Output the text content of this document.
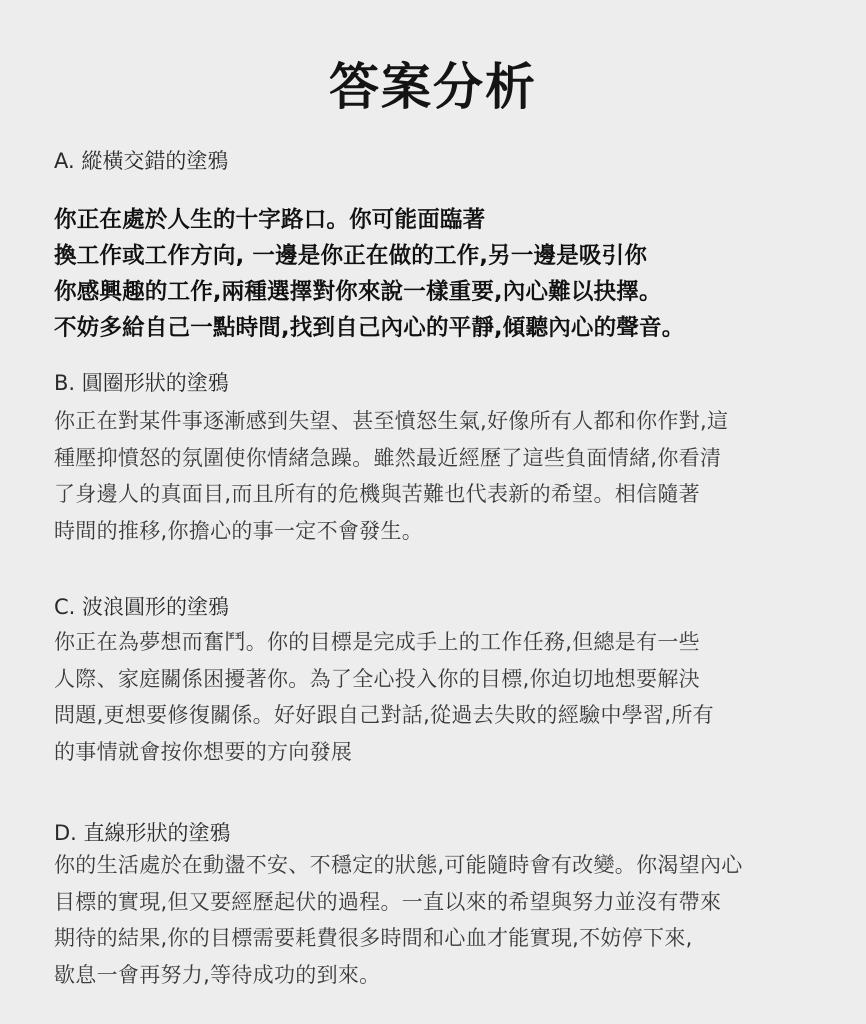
答案分析
A. 縱橫交錯的塗鴉
你正在處於人生的十字路口。你可能面臨著
換工作或工作方向, 一邊是你正在做的工作,另一邊是吸引你
你感興趣的工作,兩種選擇對你來說一樣重要,內心難以抉擇。
不妨多給自己一點時間,找到自己內心的平靜,傾聽內心的聲音。
B. 圓圈形狀的塗鴉
你正在對某件事逐漸感到失望、甚至憤怒生氣,好像所有人都和你作對,這
種壓抑憤怒的氛圍使你情緒急躁。雖然最近經歷了這些負面情緒,你看清
了身邊人的真面目,而且所有的危機與苦難也代表新的希望。相信隨著
時間的推移,你擔心的事一定不會發生。
C. 波浪圓形的塗鴉
你正在為夢想而奮鬥。你的目標是完成手上的工作任務,但總是有一些
人際、家庭關係困擾著你。為了全心投入你的目標,你迫切地想要解決
問題,更想要修復關係。好好跟自己對話,從過去失敗的經驗中學習,所有
的事情就會按你想要的方向發展
D. 直線形狀的塗鴉
你的生活處於在動盪不安、不穩定的狀態,可能隨時會有改變。你渴望內心
目標的實現,但又要經歷起伏的過程。一直以來的希望與努力並沒有帶來
期待的結果,你的目標需要耗費很多時間和心血才能實現,不妨停下來,
歇息一會再努力,等待成功的到來。
